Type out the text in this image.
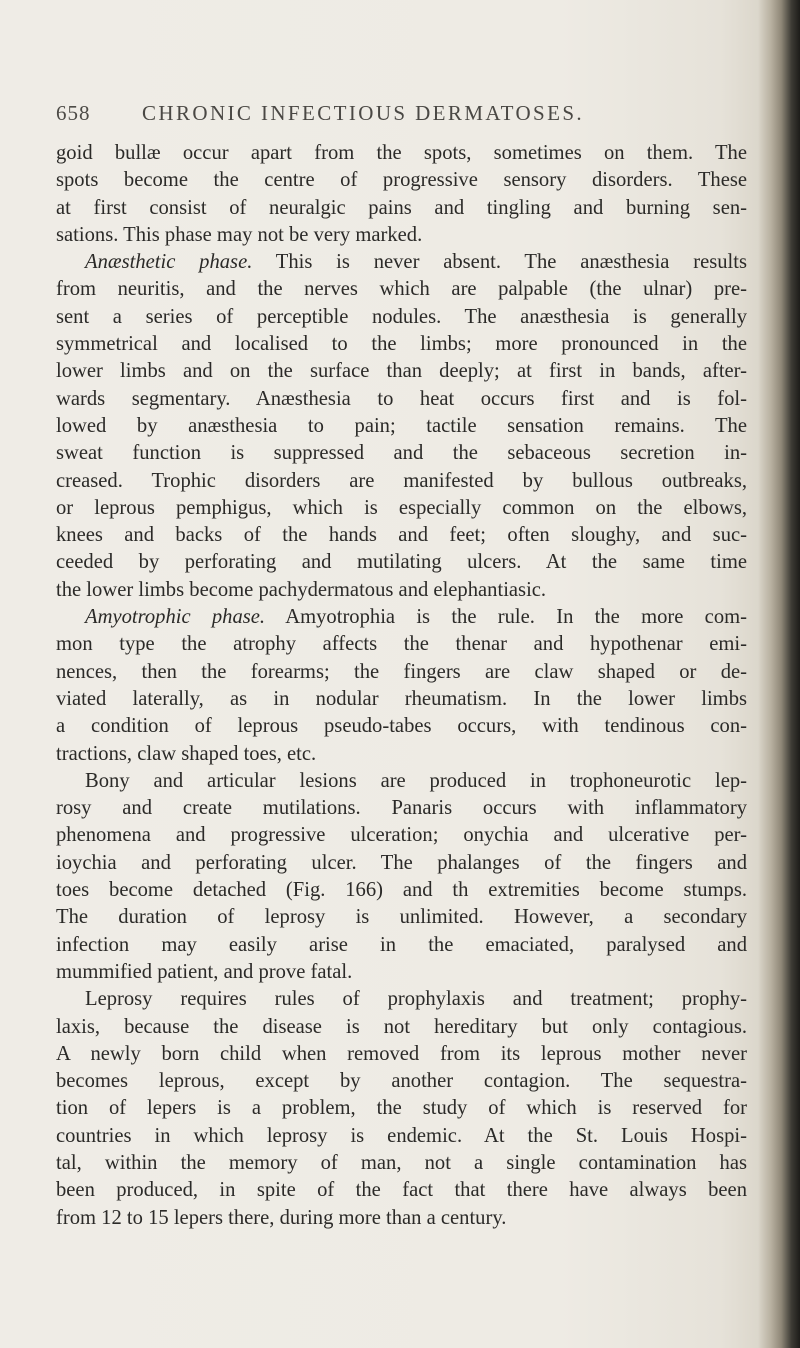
658 CHRONIC INFECTIOUS DERMATOSES.
goid bullæ occur apart from the spots, sometimes on them. The
spots become the centre of progressive sensory disorders. These
at first consist of neuralgic pains and tingling and burning sen-
sations. This phase may not be very marked.
Anæsthetic phase. This is never absent. The anæsthesia results
from neuritis, and the nerves which are palpable (the ulnar) pre-
sent a series of perceptible nodules. The anæsthesia is generally
symmetrical and localised to the limbs; more pronounced in the
lower limbs and on the surface than deeply; at first in bands, after-
wards segmentary. Anæsthesia to heat occurs first and is fol-
lowed by anæsthesia to pain; tactile sensation remains. The
sweat function is suppressed and the sebaceous secretion in-
creased. Trophic disorders are manifested by bullous outbreaks,
or leprous pemphigus, which is especially common on the elbows,
knees and backs of the hands and feet; often sloughy, and suc-
ceeded by perforating and mutilating ulcers. At the same time
the lower limbs become pachydermatous and elephantiasic.
Amyotrophic phase. Amyotrophia is the rule. In the more com-
mon type the atrophy affects the thenar and hypothenar emi-
nences, then the forearms; the fingers are claw shaped or de-
viated laterally, as in nodular rheumatism. In the lower limbs
a condition of leprous pseudo-tabes occurs, with tendinous con-
tractions, claw shaped toes, etc.
Bony and articular lesions are produced in trophoneurotic lep-
rosy and create mutilations. Panaris occurs with inflammatory
phenomena and progressive ulceration; onychia and ulcerative per-
ioychia and perforating ulcer. The phalanges of the fingers and
toes become detached (Fig. 166) and th extremities become stumps.
The duration of leprosy is unlimited. However, a secondary
infection may easily arise in the emaciated, paralysed and
mummified patient, and prove fatal.
Leprosy requires rules of prophylaxis and treatment; prophy-
laxis, because the disease is not hereditary but only contagious.
A newly born child when removed from its leprous mother never
becomes leprous, except by another contagion. The sequestra-
tion of lepers is a problem, the study of which is reserved for
countries in which leprosy is endemic. At the St. Louis Hospi-
tal, within the memory of man, not a single contamination has
been produced, in spite of the fact that there have always been
from 12 to 15 lepers there, during more than a century.
